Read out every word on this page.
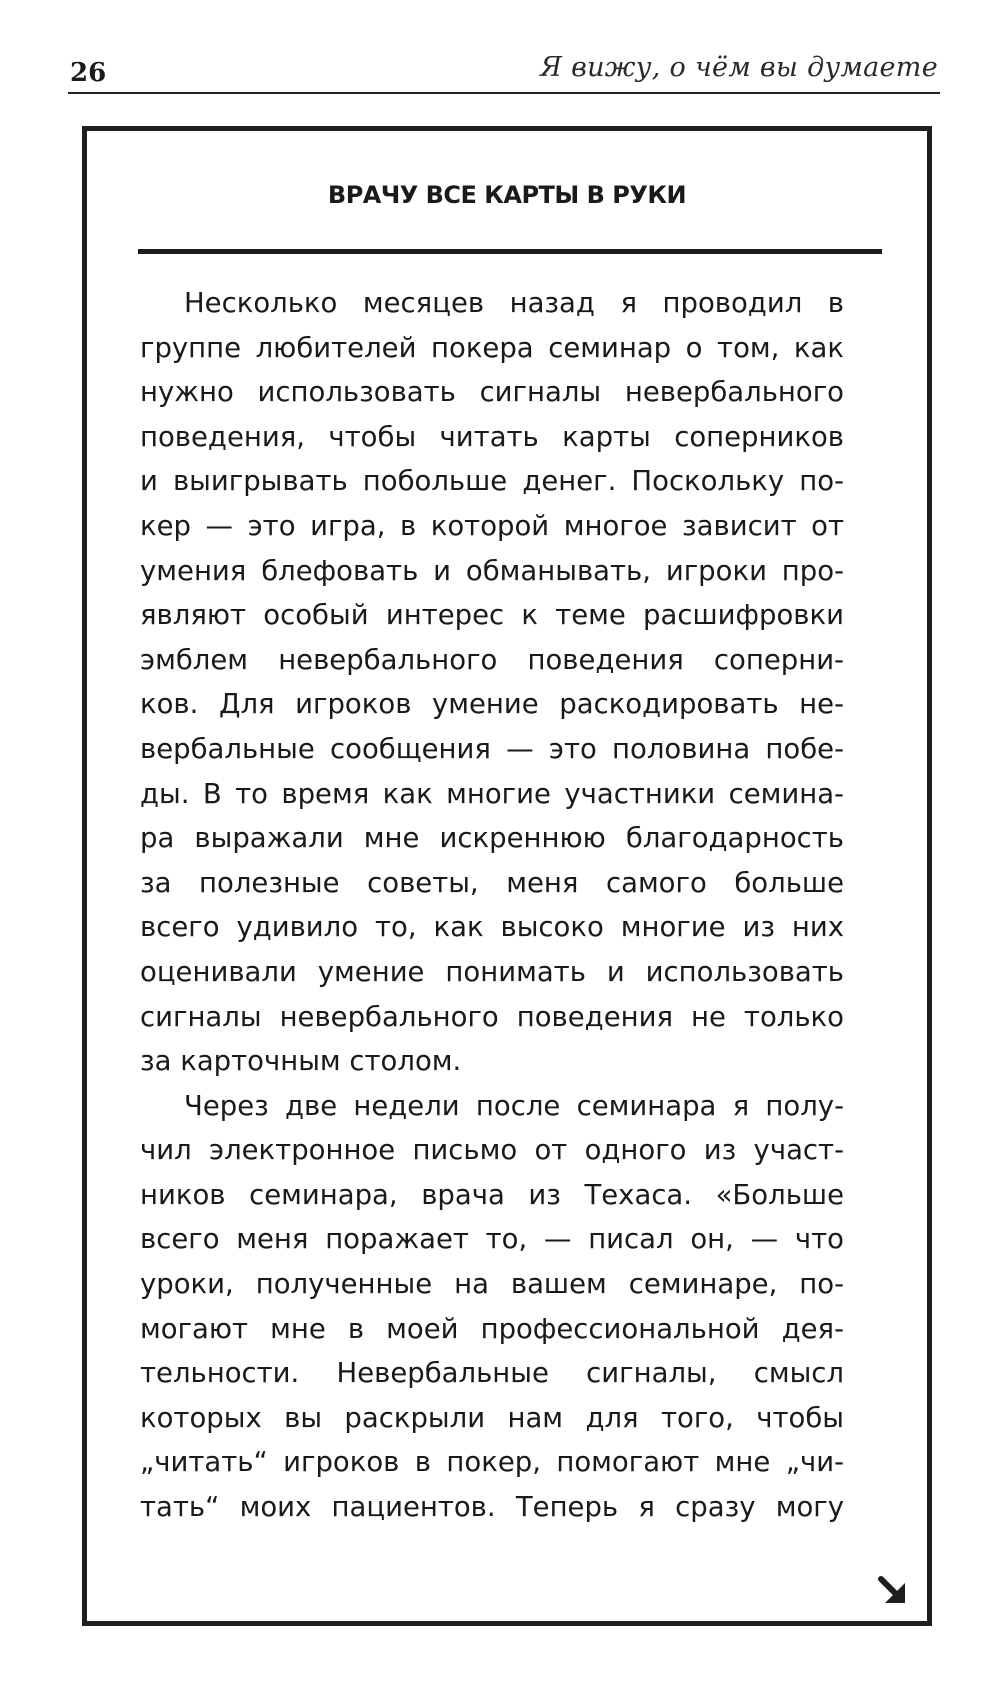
26	Я вижу, о чём вы думаете
ВРАЧУ ВСЕ КАРТЫ В РУКИ
Несколько месяцев назад я проводил в
группе любителей покера семинар о том, как
нужно использовать сигналы невербального
поведения, чтобы читать карты соперников
и выигрывать побольше денег. Поскольку по-
кер — это игра, в которой многое зависит от
умения блефовать и обманывать, игроки про-
являют особый интерес к теме расшифровки
эмблем невербального поведения соперни-
ков. Для игроков умение раскодировать не-
вербальные сообщения — это половина побе-
ды. В то время как многие участники семина-
ра выражали мне искреннюю благодарность
за полезные советы, меня самого больше
всего удивило то, как высоко многие из них
оценивали умение понимать и использовать
сигналы невербального поведения не только
за карточным столом.
Через две недели после семинара я полу-
чил электронное письмо от одного из участ-
ников семинара, врача из Техаса. «Больше
всего меня поражает то, — писал он, — что
уроки, полученные на вашем семинаре, по-
могают мне в моей профессиональной дея-
тельности. Невербальные сигналы, смысл
которых вы раскрыли нам для того, чтобы
„читать“ игроков в покер, помогают мне „чи-
тать“ моих пациентов. Теперь я сразу могу
